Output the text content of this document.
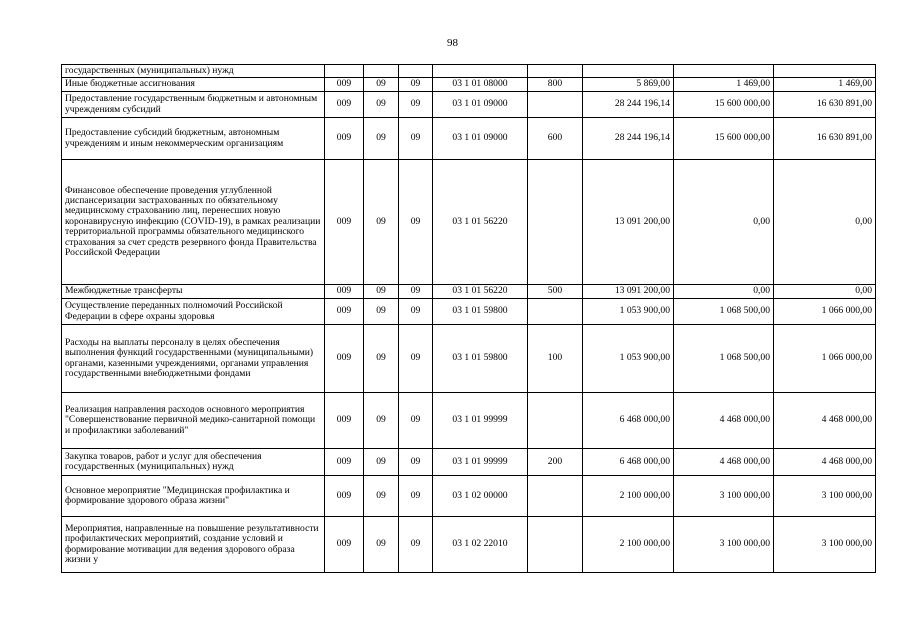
98
государственных (муниципальных) нужд								
Иные бюджетные ассигнования	009	09	09	03 1 01 08000	800	5 869,00	1 469,00	1 469,00
Предоставление государственным бюджетным и автономным учреждениям субсидий	009	09	09	03 1 01 09000		28 244 196,14	15 600 000,00	16 630 891,00
Предоставление субсидий бюджетным, автономным учреждениям и иным некоммерческим организациям	009	09	09	03 1 01 09000	600	28 244 196,14	15 600 000,00	16 630 891,00
Финансовое обеспечение проведения углубленной диспансеризации застрахованных по обязательному медицинскому страхованию лиц, перенесших новую коронавирусную инфекцию (COVID-19), в рамках реализации территориальной программы обязательного медицинского страхования за счет средств резервного фонда Правительства Российской Федерации	009	09	09	03 1 01 56220		13 091 200,00	0,00	0,00
Межбюджетные трансферты	009	09	09	03 1 01 56220	500	13 091 200,00	0,00	0,00
Осуществление переданных полномочий Российской Федерации в сфере охраны здоровья	009	09	09	03 1 01 59800		1 053 900,00	1 068 500,00	1 066 000,00
Расходы на выплаты персоналу в целях обеспечения выполнения функций государственными (муниципальными) органами, казенными учреждениями, органами управления государственными внебюджетными фондами	009	09	09	03 1 01 59800	100	1 053 900,00	1 068 500,00	1 066 000,00
Реализация направления расходов основного мероприятия "Совершенствование первичной медико-санитарной помощи и профилактики заболеваний"	009	09	09	03 1 01 99999		6 468 000,00	4 468 000,00	4 468 000,00
Закупка товаров, работ и услуг для обеспечения государственных (муниципальных) нужд	009	09	09	03 1 01 99999	200	6 468 000,00	4 468 000,00	4 468 000,00
Основное мероприятие "Медицинская профилактика и формирование здорового образа жизни"	009	09	09	03 1 02 00000		2 100 000,00	3 100 000,00	3 100 000,00
Мероприятия, направленные на повышение результативности профилактических мероприятий, создание условий и формирование мотивации для ведения здорового образа жизни у	009	09	09	03 1 02 22010		2 100 000,00	3 100 000,00	3 100 000,00
